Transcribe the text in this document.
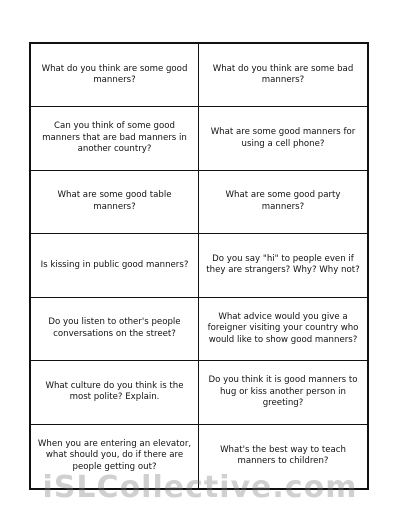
What do you think are some good manners?
What do you think are some bad manners?
Can you think of some good manners that are bad manners in another country?
What are some good manners for using a cell phone?
What are some good table manners?
What are some good party manners?
Is kissing in public good manners?
Do you say "hi" to people even if they are strangers? Why? Why not?
Do you listen to other's people conversations on the street?
What advice would you give a foreigner visiting your country who would like to show good manners?
What culture do you think is the most polite? Explain.
Do you think it is good manners to hug or kiss another person in greeting?
When you are entering an elevator, what should you, do if there are people getting out?
What's the best way to teach manners to children?
iSLCollective.com
